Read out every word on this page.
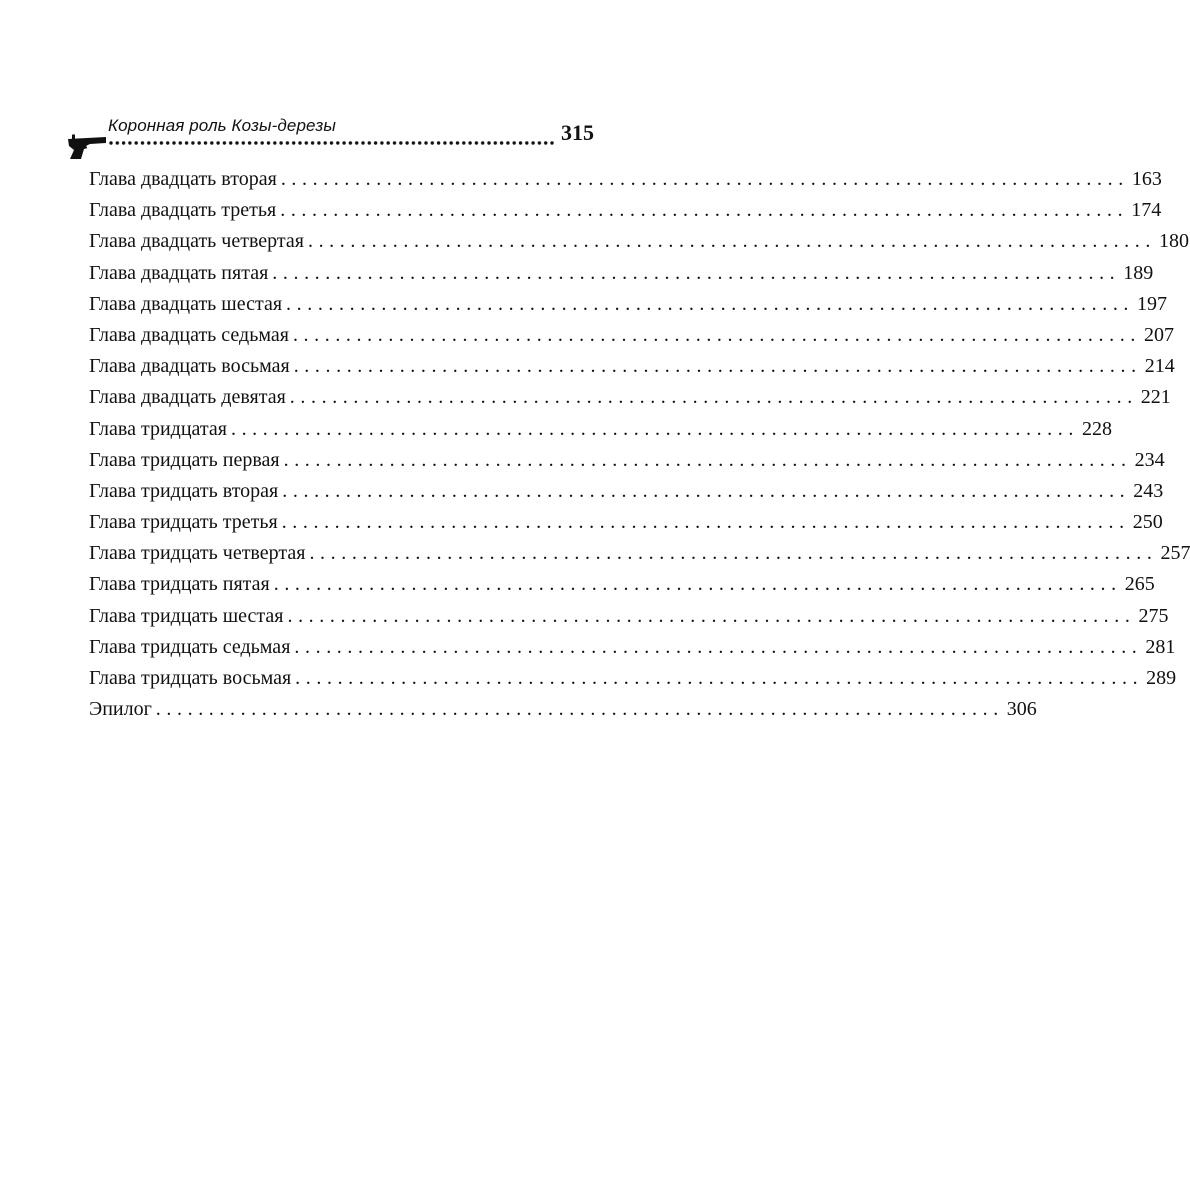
Коронная роль Козы-дерезы	315
Глава двадцать вторая ................................................................................ 163
Глава двадцать третья ................................................................................ 174
Глава двадцать четвертая ................................................................................ 180
Глава двадцать пятая ................................................................................ 189
Глава двадцать шестая ................................................................................ 197
Глава двадцать седьмая ................................................................................ 207
Глава двадцать восьмая ................................................................................ 214
Глава двадцать девятая ................................................................................ 221
Глава тридцатая ................................................................................ 228
Глава тридцать первая ................................................................................ 234
Глава тридцать вторая ................................................................................ 243
Глава тридцать третья ................................................................................ 250
Глава тридцать четвертая ................................................................................ 257
Глава тридцать пятая ................................................................................ 265
Глава тридцать шестая ................................................................................ 275
Глава тридцать седьмая ................................................................................ 281
Глава тридцать восьмая ................................................................................ 289
Эпилог ................................................................................ 306
